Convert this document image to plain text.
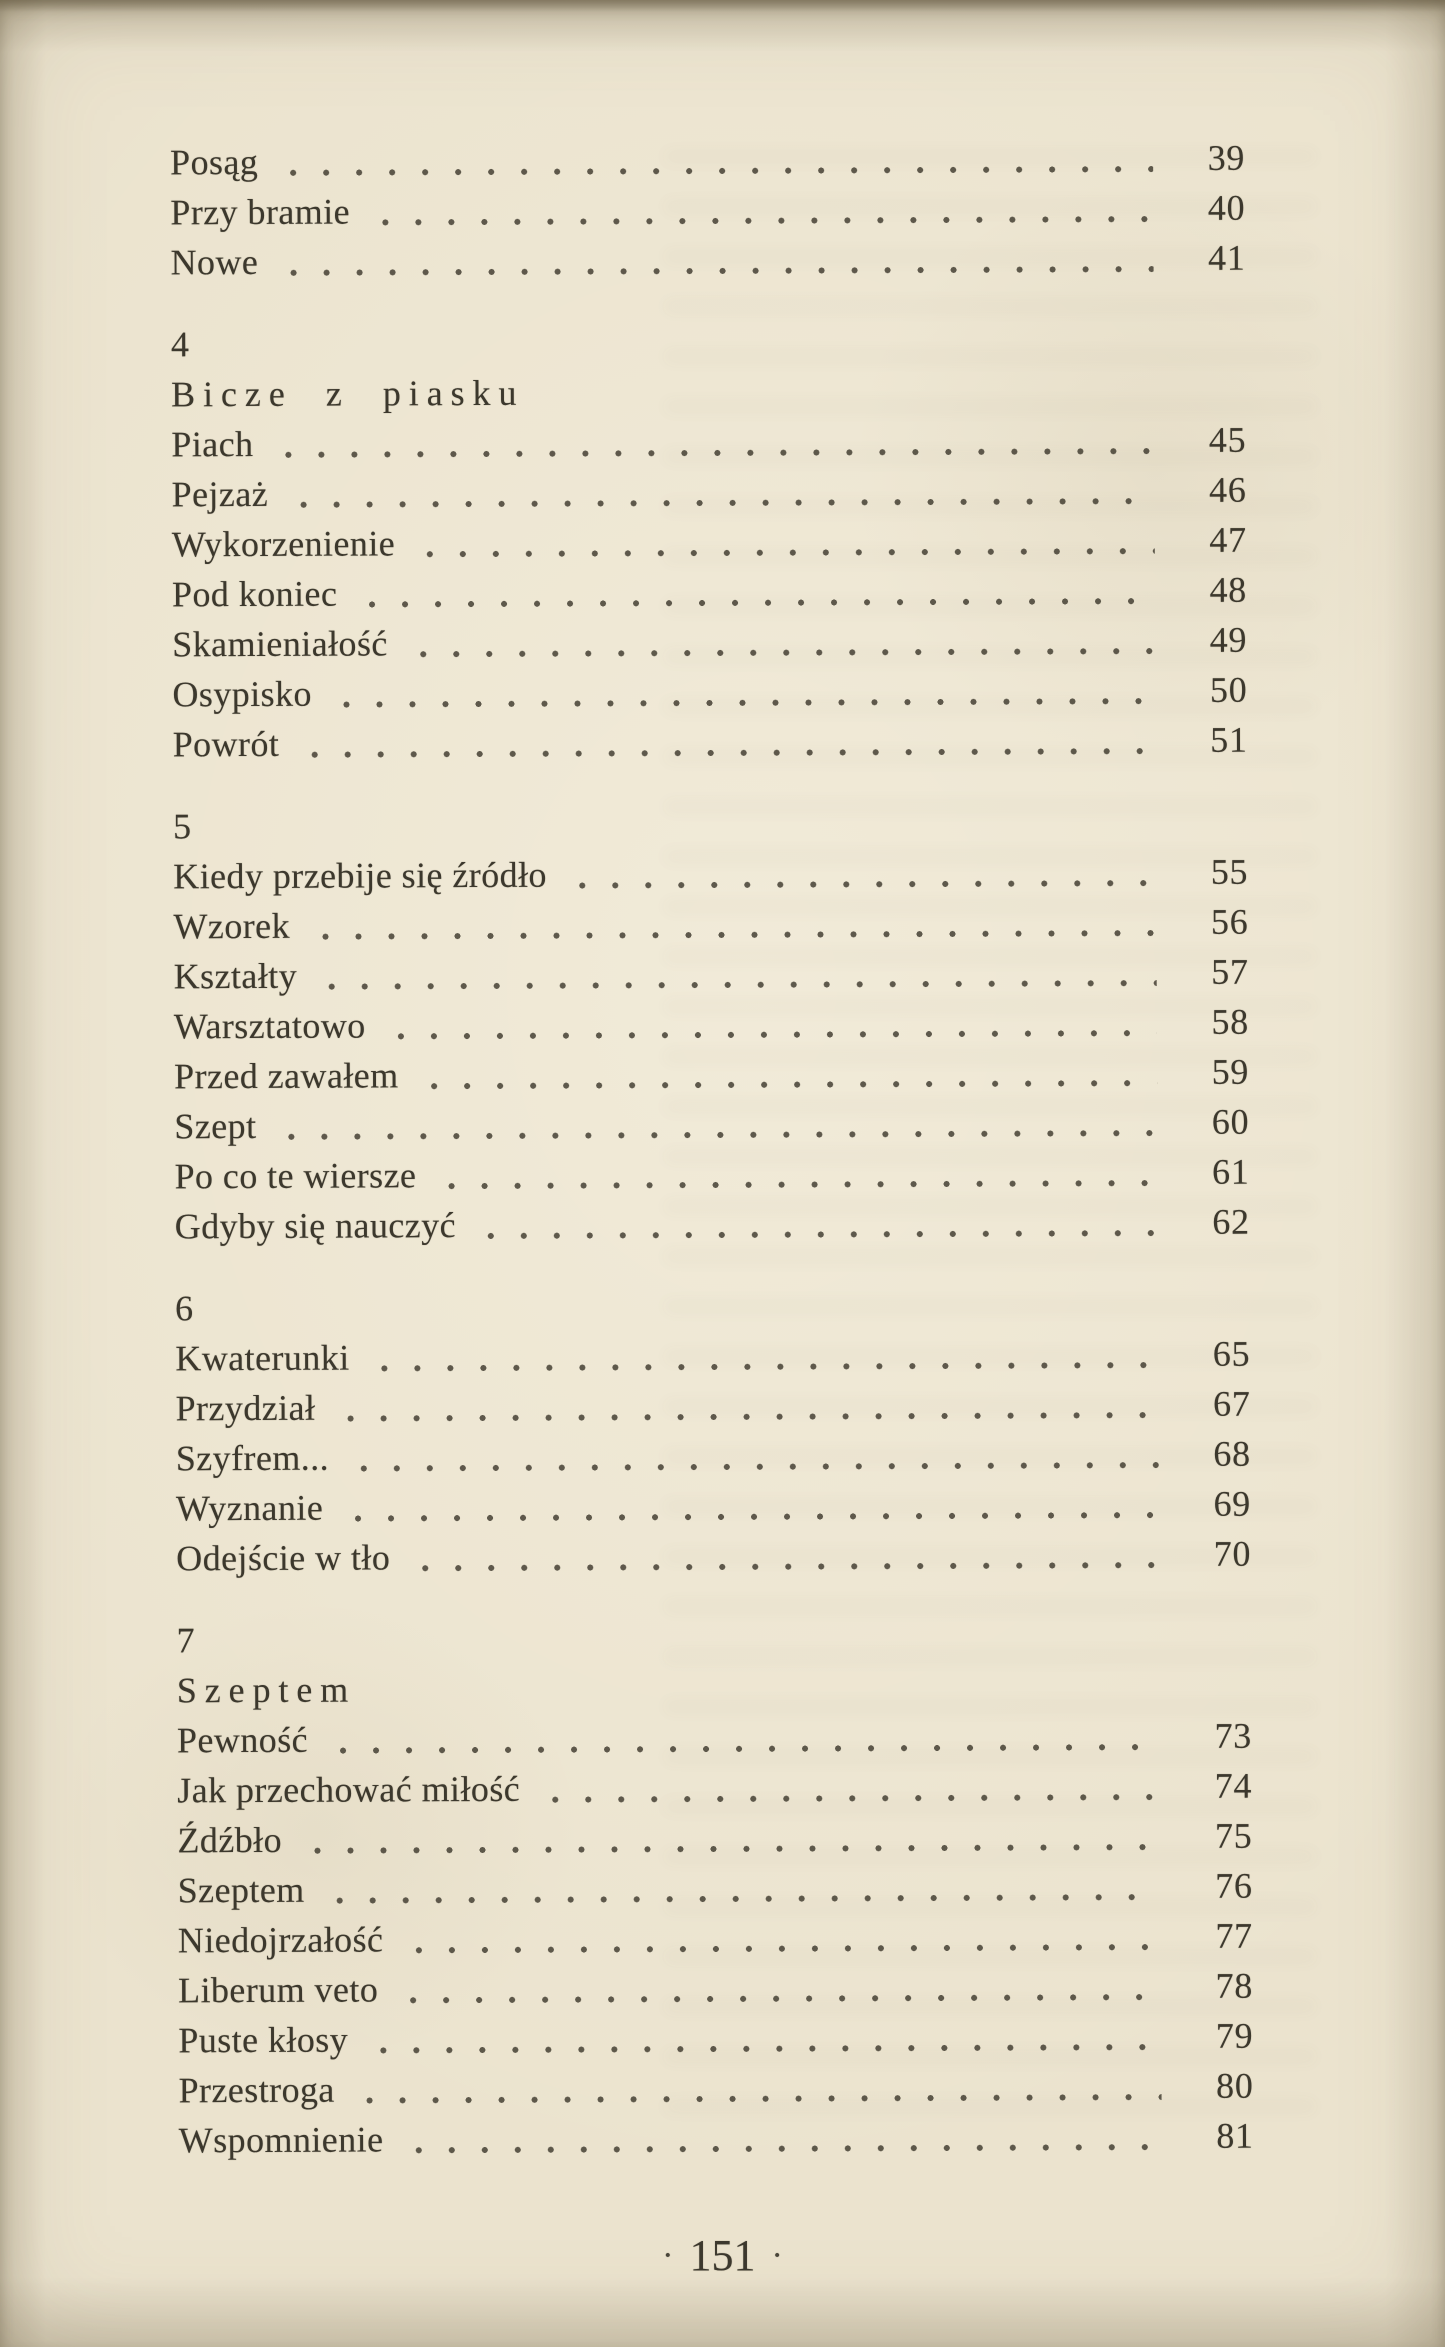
Posąg	39
Przy bramie	40
Nowe	41
4
Bicze z piasku
Piach	45
Pejzaż	46
Wykorzenienie	47
Pod koniec	48
Skamieniałość	49
Osypisko	50
Powrót	51
5
Kiedy przebije się źródło	55
Wzorek	56
Kształty	57
Warsztatowo	58
Przed zawałem	59
Szept	60
Po co te wiersze	61
Gdyby się nauczyć	62
6
Kwaterunki	65
Przydział	67
Szyfrem...	68
Wyznanie	69
Odejście w tło	70
7
Szeptem
Pewność	73
Jak przechować miłość	74
Źdźbło	75
Szeptem	76
Niedojrzałość	77
Liberum veto	78
Puste kłosy	79
Przestroga	80
Wspomnienie	81
· 151 ·
